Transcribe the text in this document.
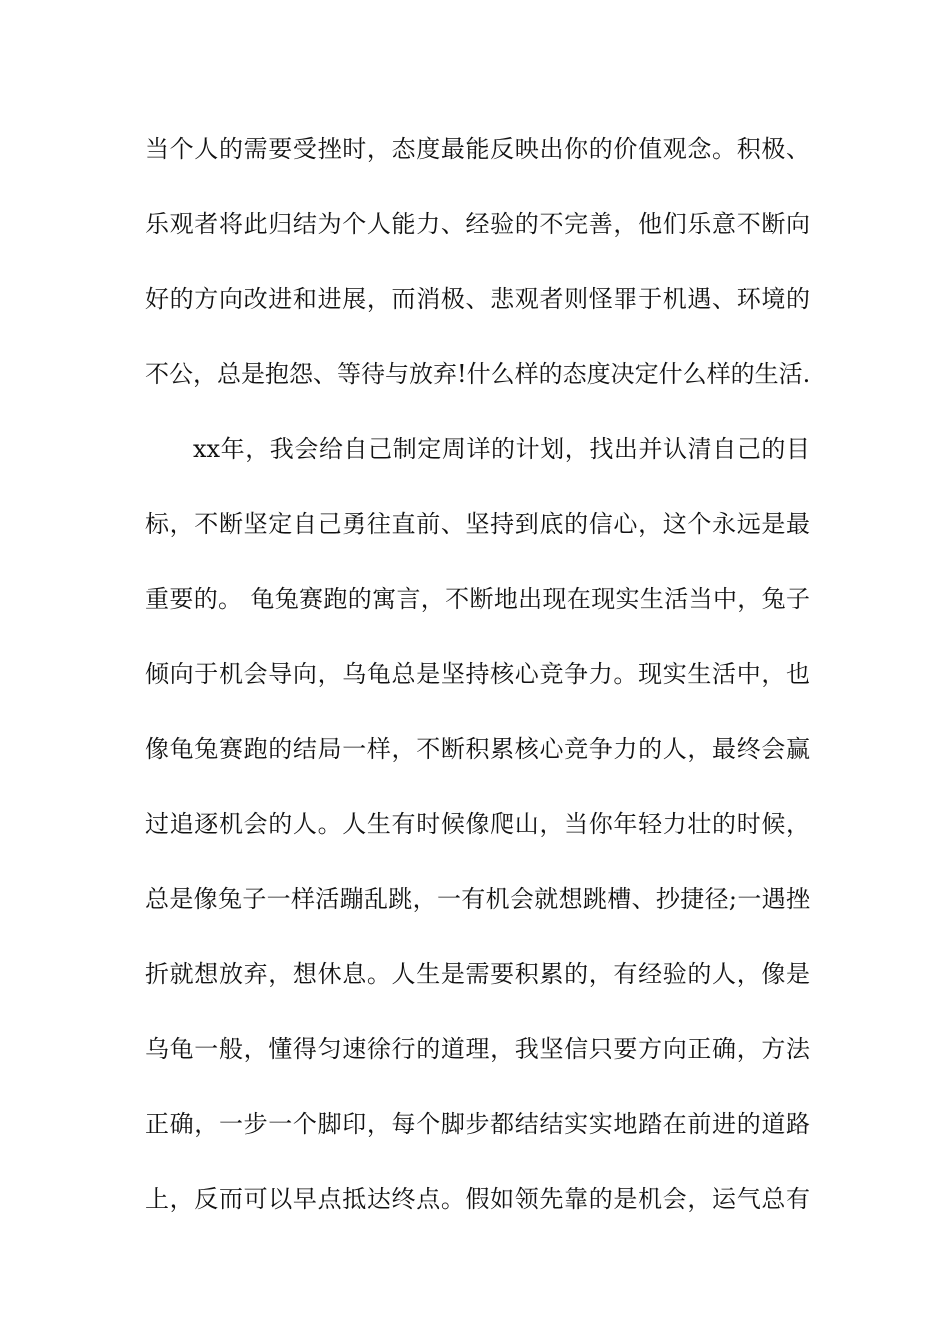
当个人的需要受挫时，态度最能反映出你的价值观念。积极、
乐观者将此归结为个人能力、经验的不完善，他们乐意不断向
好的方向改进和进展，而消极、悲观者则怪罪于机遇、环境的
不公，总是抱怨、等待与放弃!什么样的态度决定什么样的生活.
xx年，我会给自己制定周详的计划，找出并认清自己的目
标，不断坚定自己勇往直前、坚持到底的信心，这个永远是最
重要的。 龟兔赛跑的寓言，不断地出现在现实生活当中，兔子
倾向于机会导向，乌龟总是坚持核心竞争力。现实生活中，也
像龟兔赛跑的结局一样，不断积累核心竞争力的人，最终会赢
过追逐机会的人。人生有时候像爬山，当你年轻力壮的时候，
总是像兔子一样活蹦乱跳，一有机会就想跳槽、抄捷径;一遇挫
折就想放弃，想休息。人生是需要积累的，有经验的人，像是
乌龟一般，懂得匀速徐行的道理，我坚信只要方向正确，方法
正确，一步一个脚印，每个脚步都结结实实地踏在前进的道路
上，反而可以早点抵达终点。假如领先靠的是机会，运气总有
